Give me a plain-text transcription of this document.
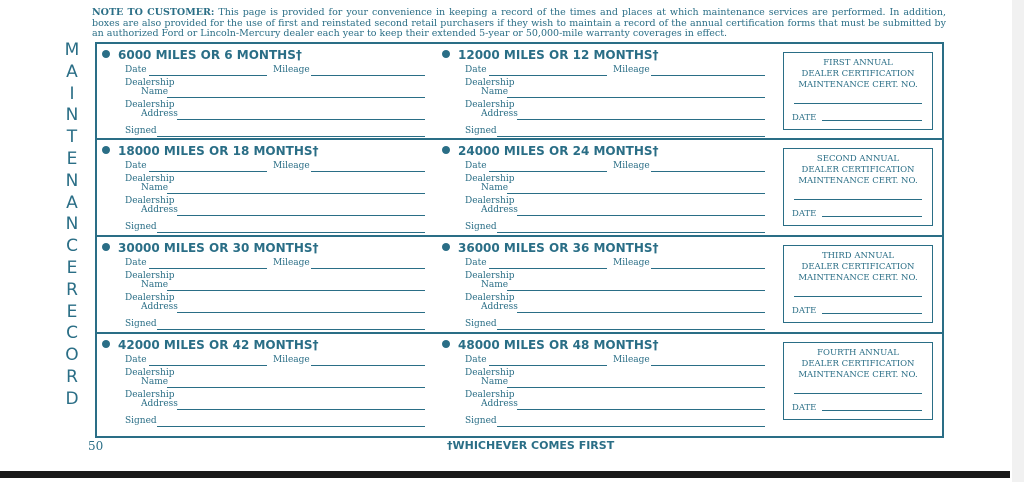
NOTE TO CUSTOMER: This page is provided for your convenience in keeping a record of the times and places at which maintenance services are performed. In addition, boxes are also provided for the use of first and reinstated second retail purchasers if they wish to maintain a record of the annual certification forms that must be submitted by an authorized Ford or Lincoln-Mercury dealer each year to keep their extended 5-year or 50,000-mile warranty coverages in effect.
M
A
I
N
T
E
N
A
N
C
E
R
E
C
O
R
D
6000 MILES OR 6 MONTHS†
Date	Mileage
Dealership
Name
Dealership
Address
Signed
12000 MILES OR 12 MONTHS†
Date	Mileage
Dealership
Name
Dealership
Address
Signed
FIRST ANNUAL
DEALER CERTIFICATION
MAINTENANCE CERT. NO.
DATE
18000 MILES OR 18 MONTHS†
Date	Mileage
Dealership
Name
Dealership
Address
Signed
24000 MILES OR 24 MONTHS†
Date	Mileage
Dealership
Name
Dealership
Address
Signed
SECOND ANNUAL
DEALER CERTIFICATION
MAINTENANCE CERT. NO.
DATE
30000 MILES OR 30 MONTHS†
Date	Mileage
Dealership
Name
Dealership
Address
Signed
36000 MILES OR 36 MONTHS†
Date	Mileage
Dealership
Name
Dealership
Address
Signed
THIRD ANNUAL
DEALER CERTIFICATION
MAINTENANCE CERT. NO.
DATE
42000 MILES OR 42 MONTHS†
Date	Mileage
Dealership
Name
Dealership
Address
Signed
48000 MILES OR 48 MONTHS†
Date	Mileage
Dealership
Name
Dealership
Address
Signed
FOURTH ANNUAL
DEALER CERTIFICATION
MAINTENANCE CERT. NO.
DATE
50	†WHICHEVER COMES FIRST
